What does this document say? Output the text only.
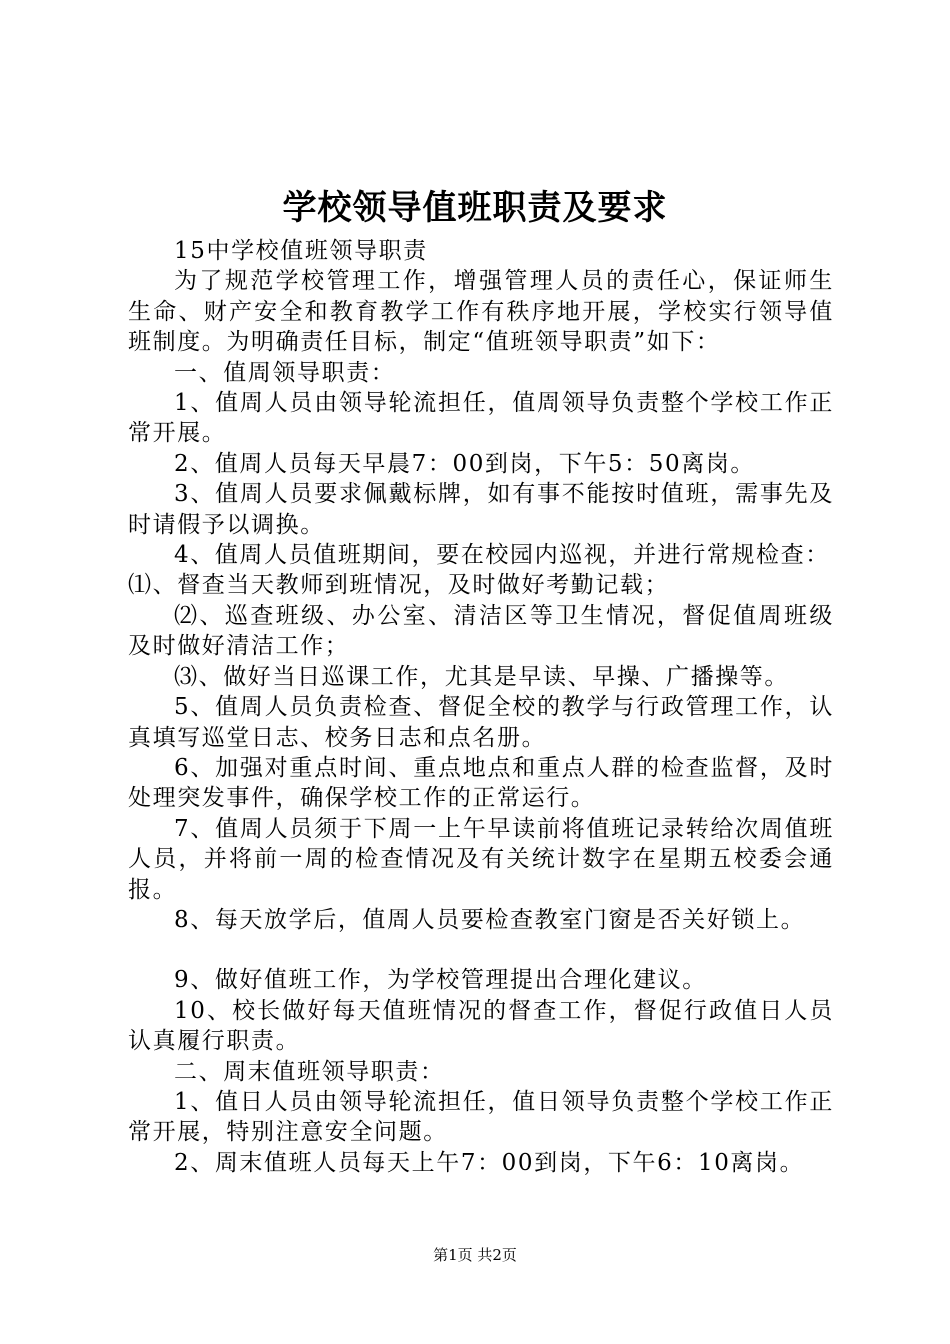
学校领导值班职责及要求

15中学校值班领导职责

为了规范学校管理工作，增强管理人员的责任心，保证师生生命、财产安全和教育教学工作有秩序地开展，学校实行领导值班制度。为明确责任目标，制定“值班领导职责”如下：

一、值周领导职责：

1、值周人员由领导轮流担任，值周领导负责整个学校工作正常开展。

2、值周人员每天早晨7：00到岗，下午5：50离岗。

3、值周人员要求佩戴标牌，如有事不能按时值班，需事先及时请假予以调换。

4、值周人员值班期间，要在校园内巡视，并进行常规检查：

⑴、督查当天教师到班情况，及时做好考勤记载；

⑵、巡查班级、办公室、清洁区等卫生情况，督促值周班级及时做好清洁工作；

⑶、做好当日巡课工作，尤其是早读、早操、广播操等。

5、值周人员负责检查、督促全校的教学与行政管理工作，认真填写巡堂日志、校务日志和点名册。

6、加强对重点时间、重点地点和重点人群的检查监督，及时处理突发事件，确保学校工作的正常运行。

7、值周人员须于下周一上午早读前将值班记录转给次周值班人员，并将前一周的检查情况及有关统计数字在星期五校委会通报。

8、每天放学后，值周人员要检查教室门窗是否关好锁上。

9、做好值班工作，为学校管理提出合理化建议。

10、校长做好每天值班情况的督查工作，督促行政值日人员认真履行职责。

二、周末值班领导职责：

1、值日人员由领导轮流担任，值日领导负责整个学校工作正常开展，特别注意安全问题。

2、周末值班人员每天上午7：00到岗，下午6：10离岗。

第1页 共2页
